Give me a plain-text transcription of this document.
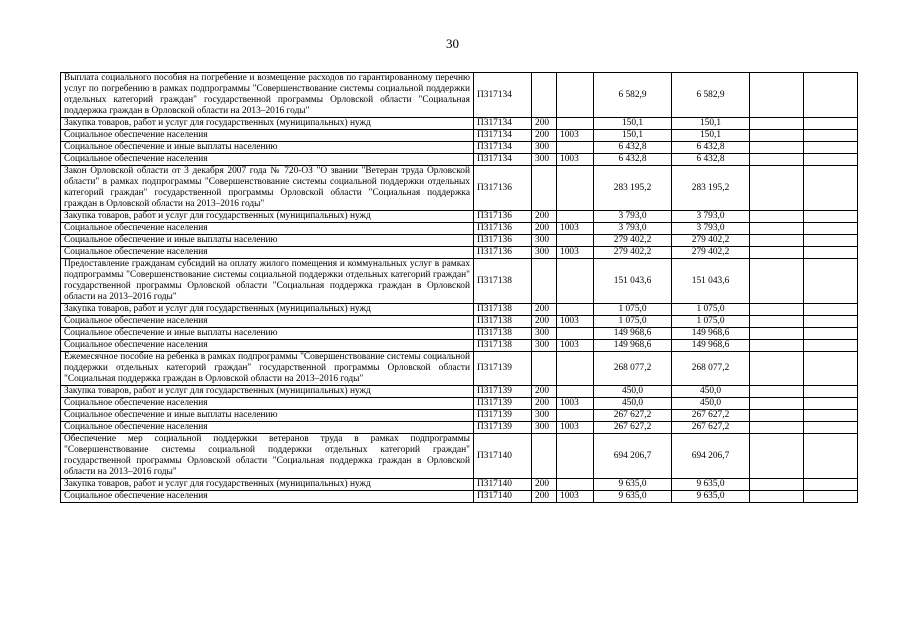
30
Выплата социального пособия на погребение и возмещение расходов по гарантированному перечню услуг по погребению в рамках подпрограммы "Совершенствование системы социальной поддержки отдельных категорий граждан" государственной программы Орловской области "Социальная поддержка граждан в Орловской области на 2013–2016 годы"	П317134			6 582,9	6 582,9		
Закупка товаров, работ и услуг для государственных (муниципальных) нужд	П317134	200		150,1	150,1		
Социальное обеспечение населения	П317134	200	1003	150,1	150,1		
Социальное обеспечение и иные выплаты населению	П317134	300		6 432,8	6 432,8		
Социальное обеспечение населения	П317134	300	1003	6 432,8	6 432,8		
Закон Орловской области от 3 декабря 2007 года № 720-ОЗ "О звании "Ветеран труда Орловской области" в рамках подпрограммы "Совершенствование системы социальной поддержки отдельных категорий граждан" государственной программы Орловской области "Социальная поддержка граждан в Орловской области на 2013–2016 годы"	П317136			283 195,2	283 195,2		
Закупка товаров, работ и услуг для государственных (муниципальных) нужд	П317136	200		3 793,0	3 793,0		
Социальное обеспечение населения	П317136	200	1003	3 793,0	3 793,0		
Социальное обеспечение и иные выплаты населению	П317136	300		279 402,2	279 402,2		
Социальное обеспечение населения	П317136	300	1003	279 402,2	279 402,2		
Предоставление гражданам субсидий на оплату жилого помещения и коммунальных услуг в рамках подпрограммы "Совершенствование системы социальной поддержки отдельных категорий граждан" государственной программы Орловской области "Социальная поддержка граждан в Орловской области на 2013–2016 годы"	П317138			151 043,6	151 043,6		
Закупка товаров, работ и услуг для государственных (муниципальных) нужд	П317138	200		1 075,0	1 075,0		
Социальное обеспечение населения	П317138	200	1003	1 075,0	1 075,0		
Социальное обеспечение и иные выплаты населению	П317138	300		149 968,6	149 968,6		
Социальное обеспечение населения	П317138	300	1003	149 968,6	149 968,6		
Ежемесячное пособие на ребенка в рамках подпрограммы "Совершенствование системы социальной поддержки отдельных категорий граждан" государственной программы Орловской области "Социальная поддержка граждан в Орловской области на 2013–2016 годы"	П317139			268 077,2	268 077,2		
Закупка товаров, работ и услуг для государственных (муниципальных) нужд	П317139	200		450,0	450,0		
Социальное обеспечение населения	П317139	200	1003	450,0	450,0		
Социальное обеспечение и иные выплаты населению	П317139	300		267 627,2	267 627,2		
Социальное обеспечение населения	П317139	300	1003	267 627,2	267 627,2		
Обеспечение мер социальной поддержки ветеранов труда в рамках подпрограммы "Совершенствование системы социальной поддержки отдельных категорий граждан" государственной программы Орловской области "Социальная поддержка граждан в Орловской области на 2013–2016 годы"	П317140			694 206,7	694 206,7		
Закупка товаров, работ и услуг для государственных (муниципальных) нужд	П317140	200		9 635,0	9 635,0		
Социальное обеспечение населения	П317140	200	1003	9 635,0	9 635,0		
